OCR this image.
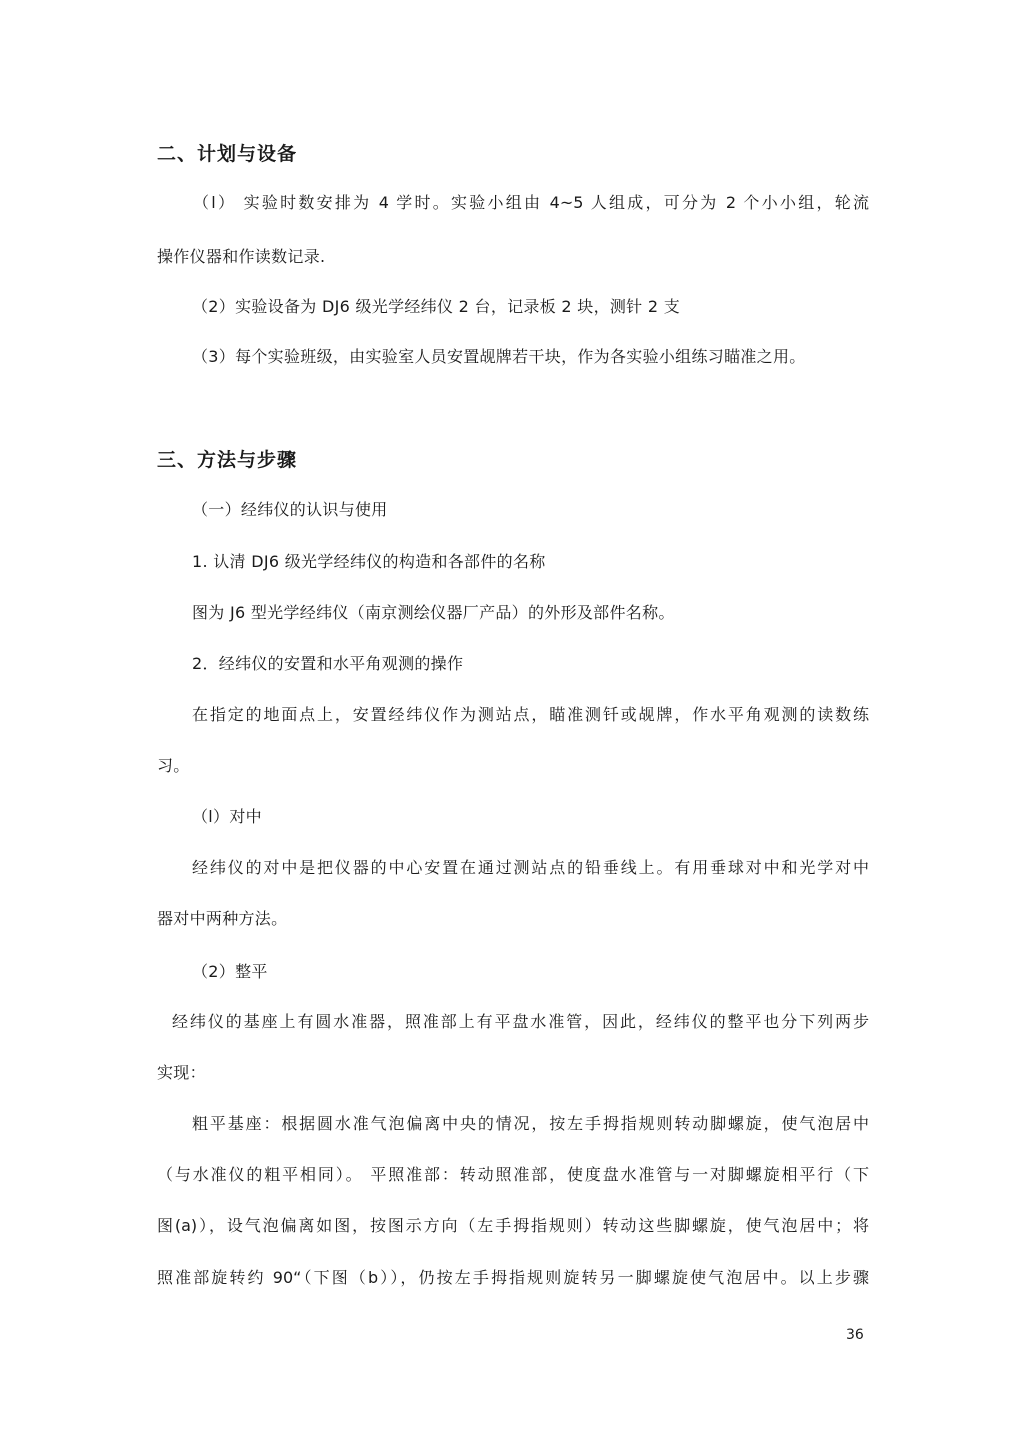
二、计划与设备
（l） 实验时数安排为 4 学时。实验小组由 4~5 人组成，可分为 2 个小小组，轮流
操作仪器和作读数记录.
（2）实验设备为 DJ6 级光学经纬仪 2 台，记录板 2 块，测针 2 支
（3）每个实验班级，由实验室人员安置觇牌若干块，作为各实验小组练习瞄准之用。
三、方法与步骤
（一）经纬仪的认识与使用
1. 认清 DJ6 级光学经纬仪的构造和各部件的名称
图为 J6 型光学经纬仪（南京测绘仪器厂产品）的外形及部件名称。
2．经纬仪的安置和水平角观测的操作
在指定的地面点上，安置经纬仪作为测站点，瞄准测钎或觇牌，作水平角观测的读数练
习。
（l）对中
经纬仪的对中是把仪器的中心安置在通过测站点的铅垂线上。有用垂球对中和光学对中
器对中两种方法。
（2）整平
经纬仪的基座上有圆水准器，照准部上有平盘水准管，因此，经纬仪的整平也分下列两步
实现：
粗平基座：根据圆水准气泡偏离中央的情况，按左手拇指规则转动脚螺旋，使气泡居中
（与水准仪的粗平相同）。 平照准部：转动照准部，使度盘水准管与一对脚螺旋相平行（下
图(a)），设气泡偏离如图，按图示方向（左手拇指规则）转动这些脚螺旋，使气泡居中；将
照准部旋转约 90“（下图（b）），仍按左手拇指规则旋转另一脚螺旋使气泡居中。以上步骤
36
